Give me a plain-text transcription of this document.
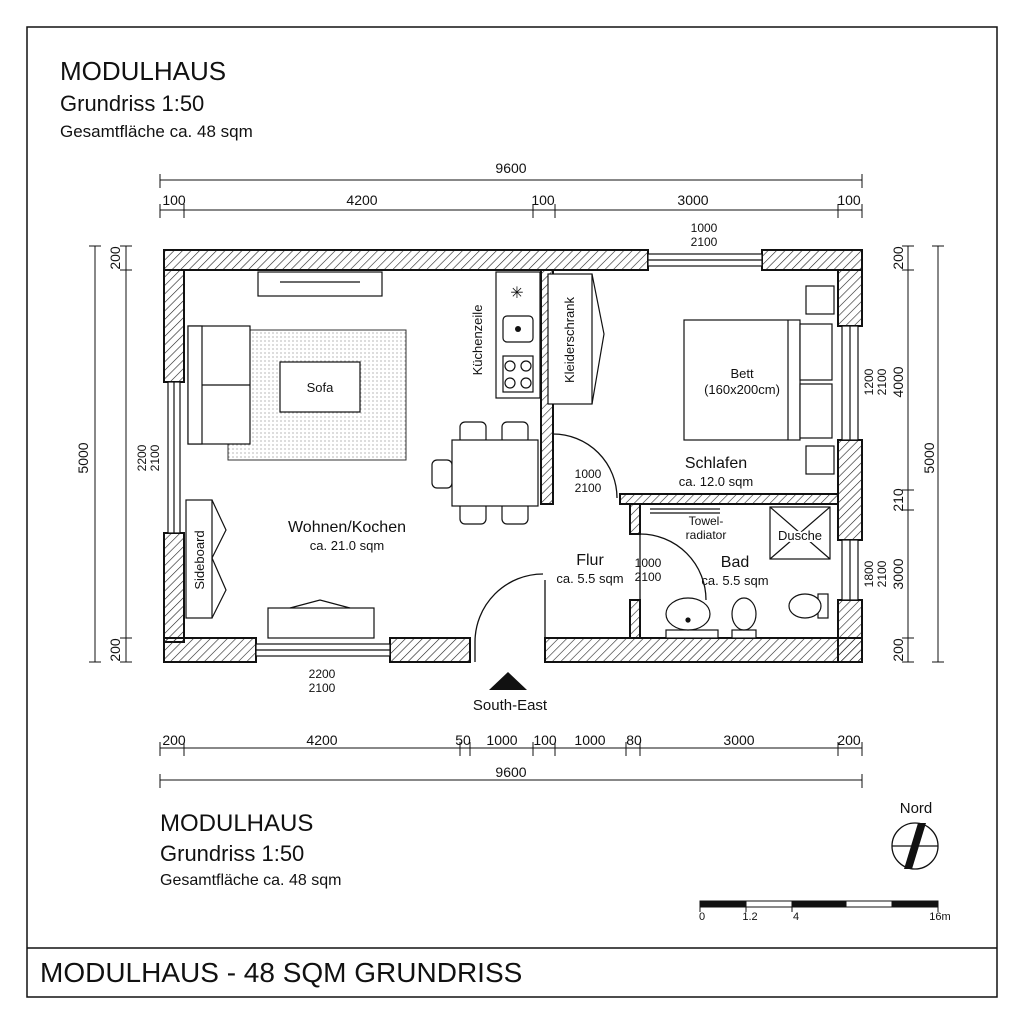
MODULHAUS
Grundriss 1:50
Gesamtfläche ca. 48 sqm
9600
100	4200	100	3000	100
5000
200
200
2200 2100
200
4000
210
3000
200
5000
1200 2100
1800 2100
1000
2100
2200
2100
1000
2100
1000
2100
Sofa
✳
Küchenzeile
Sideboard
Wohnen/Kochen
ca. 21.0 sqm
Kleiderschrank	Bett
(160x200cm)
Schlafen
ca. 12.0 sqm
Flur
ca. 5.5 sqm
Towel-
radiator	Dusche
Bad
ca. 5.5 sqm
South-East
200	4200	50 1000 100 1000 80	3000	200
9600
MODULHAUS
Grundriss 1:50
Gesamtfläche ca. 48 sqm
Nord
0	1.2	4	16m
MODULHAUS - 48 SQM GRUNDRISS
